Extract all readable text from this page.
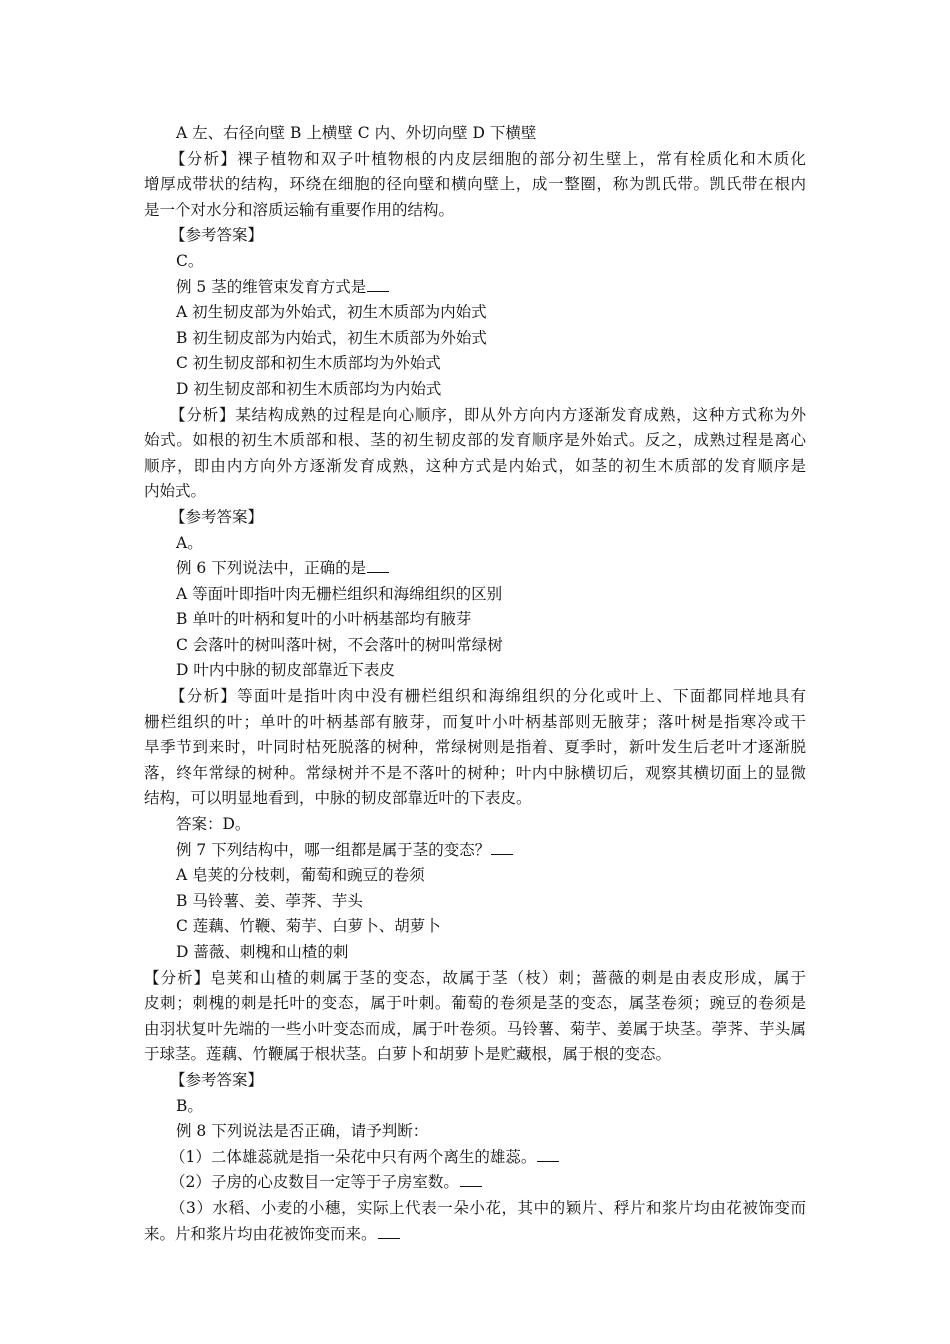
A 左、右径向壁 B 上横壁 C 内、外切向壁 D 下横壁
【分析】裸子植物和双子叶植物根的内皮层细胞的部分初生壁上，常有栓质化和木质化
增厚成带状的结构，环绕在细胞的径向壁和横向壁上，成一整圈，称为凯氏带。凯氏带在根内
是一个对水分和溶质运输有重要作用的结构。
【参考答案】
C。
例 5 茎的维管束发育方式是
A 初生韧皮部为外始式，初生木质部为内始式
B 初生韧皮部为内始式，初生木质部为外始式
C 初生韧皮部和初生木质部均为外始式
D 初生韧皮部和初生木质部均为内始式
【分析】某结构成熟的过程是向心顺序，即从外方向内方逐渐发育成熟，这种方式称为外
始式。如根的初生木质部和根、茎的初生韧皮部的发育顺序是外始式。反之，成熟过程是离心
顺序，即由内方向外方逐渐发育成熟，这种方式是内始式，如茎的初生木质部的发育顺序是
内始式。
【参考答案】
A。
例 6 下列说法中，正确的是
A 等面叶即指叶肉无栅栏组织和海绵组织的区别
B 单叶的叶柄和复叶的小叶柄基部均有腋芽
C 会落叶的树叫落叶树，不会落叶的树叫常绿树
D 叶内中脉的韧皮部靠近下表皮
【分析】等面叶是指叶肉中没有栅栏组织和海绵组织的分化或叶上、下面都同样地具有
栅栏组织的叶；单叶的叶柄基部有腋芽，而复叶小叶柄基部则无腋芽；落叶树是指寒冷或干
旱季节到来时，叶同时枯死脱落的树种，常绿树则是指着、夏季时，新叶发生后老叶才逐渐脱
落，终年常绿的树种。常绿树并不是不落叶的树种；叶内中脉横切后，观察其横切面上的显微
结构，可以明显地看到，中脉的韧皮部靠近叶的下表皮。
答案：D。
例 7 下列结构中，哪一组都是属于茎的变态？
A 皂荚的分枝刺，葡萄和豌豆的卷须
B 马铃薯、姜、荸荠、芋头
C 莲藕、竹鞭、菊芋、白萝卜、胡萝卜
D 蔷薇、刺槐和山楂的刺
【分析】皂荚和山楂的刺属于茎的变态，故属于茎（枝）刺；蔷薇的刺是由表皮形成，属于
皮刺；刺槐的刺是托叶的变态，属于叶刺。葡萄的卷须是茎的变态，属茎卷须；豌豆的卷须是
由羽状复叶先端的一些小叶变态而成，属于叶卷须。马铃薯、菊芋、姜属于块茎。荸荠、芋头属
于球茎。莲藕、竹鞭属于根状茎。白萝卜和胡萝卜是贮藏根，属于根的变态。
【参考答案】
B。
例 8 下列说法是否正确，请予判断：
（1）二体雄蕊就是指一朵花中只有两个离生的雄蕊。
（2）子房的心皮数目一定等于子房室数。
（3）水稻、小麦的小穗，实际上代表一朵小花，其中的颖片、稃片和浆片均由花被饰变而
来。片和浆片均由花被饰变而来。
